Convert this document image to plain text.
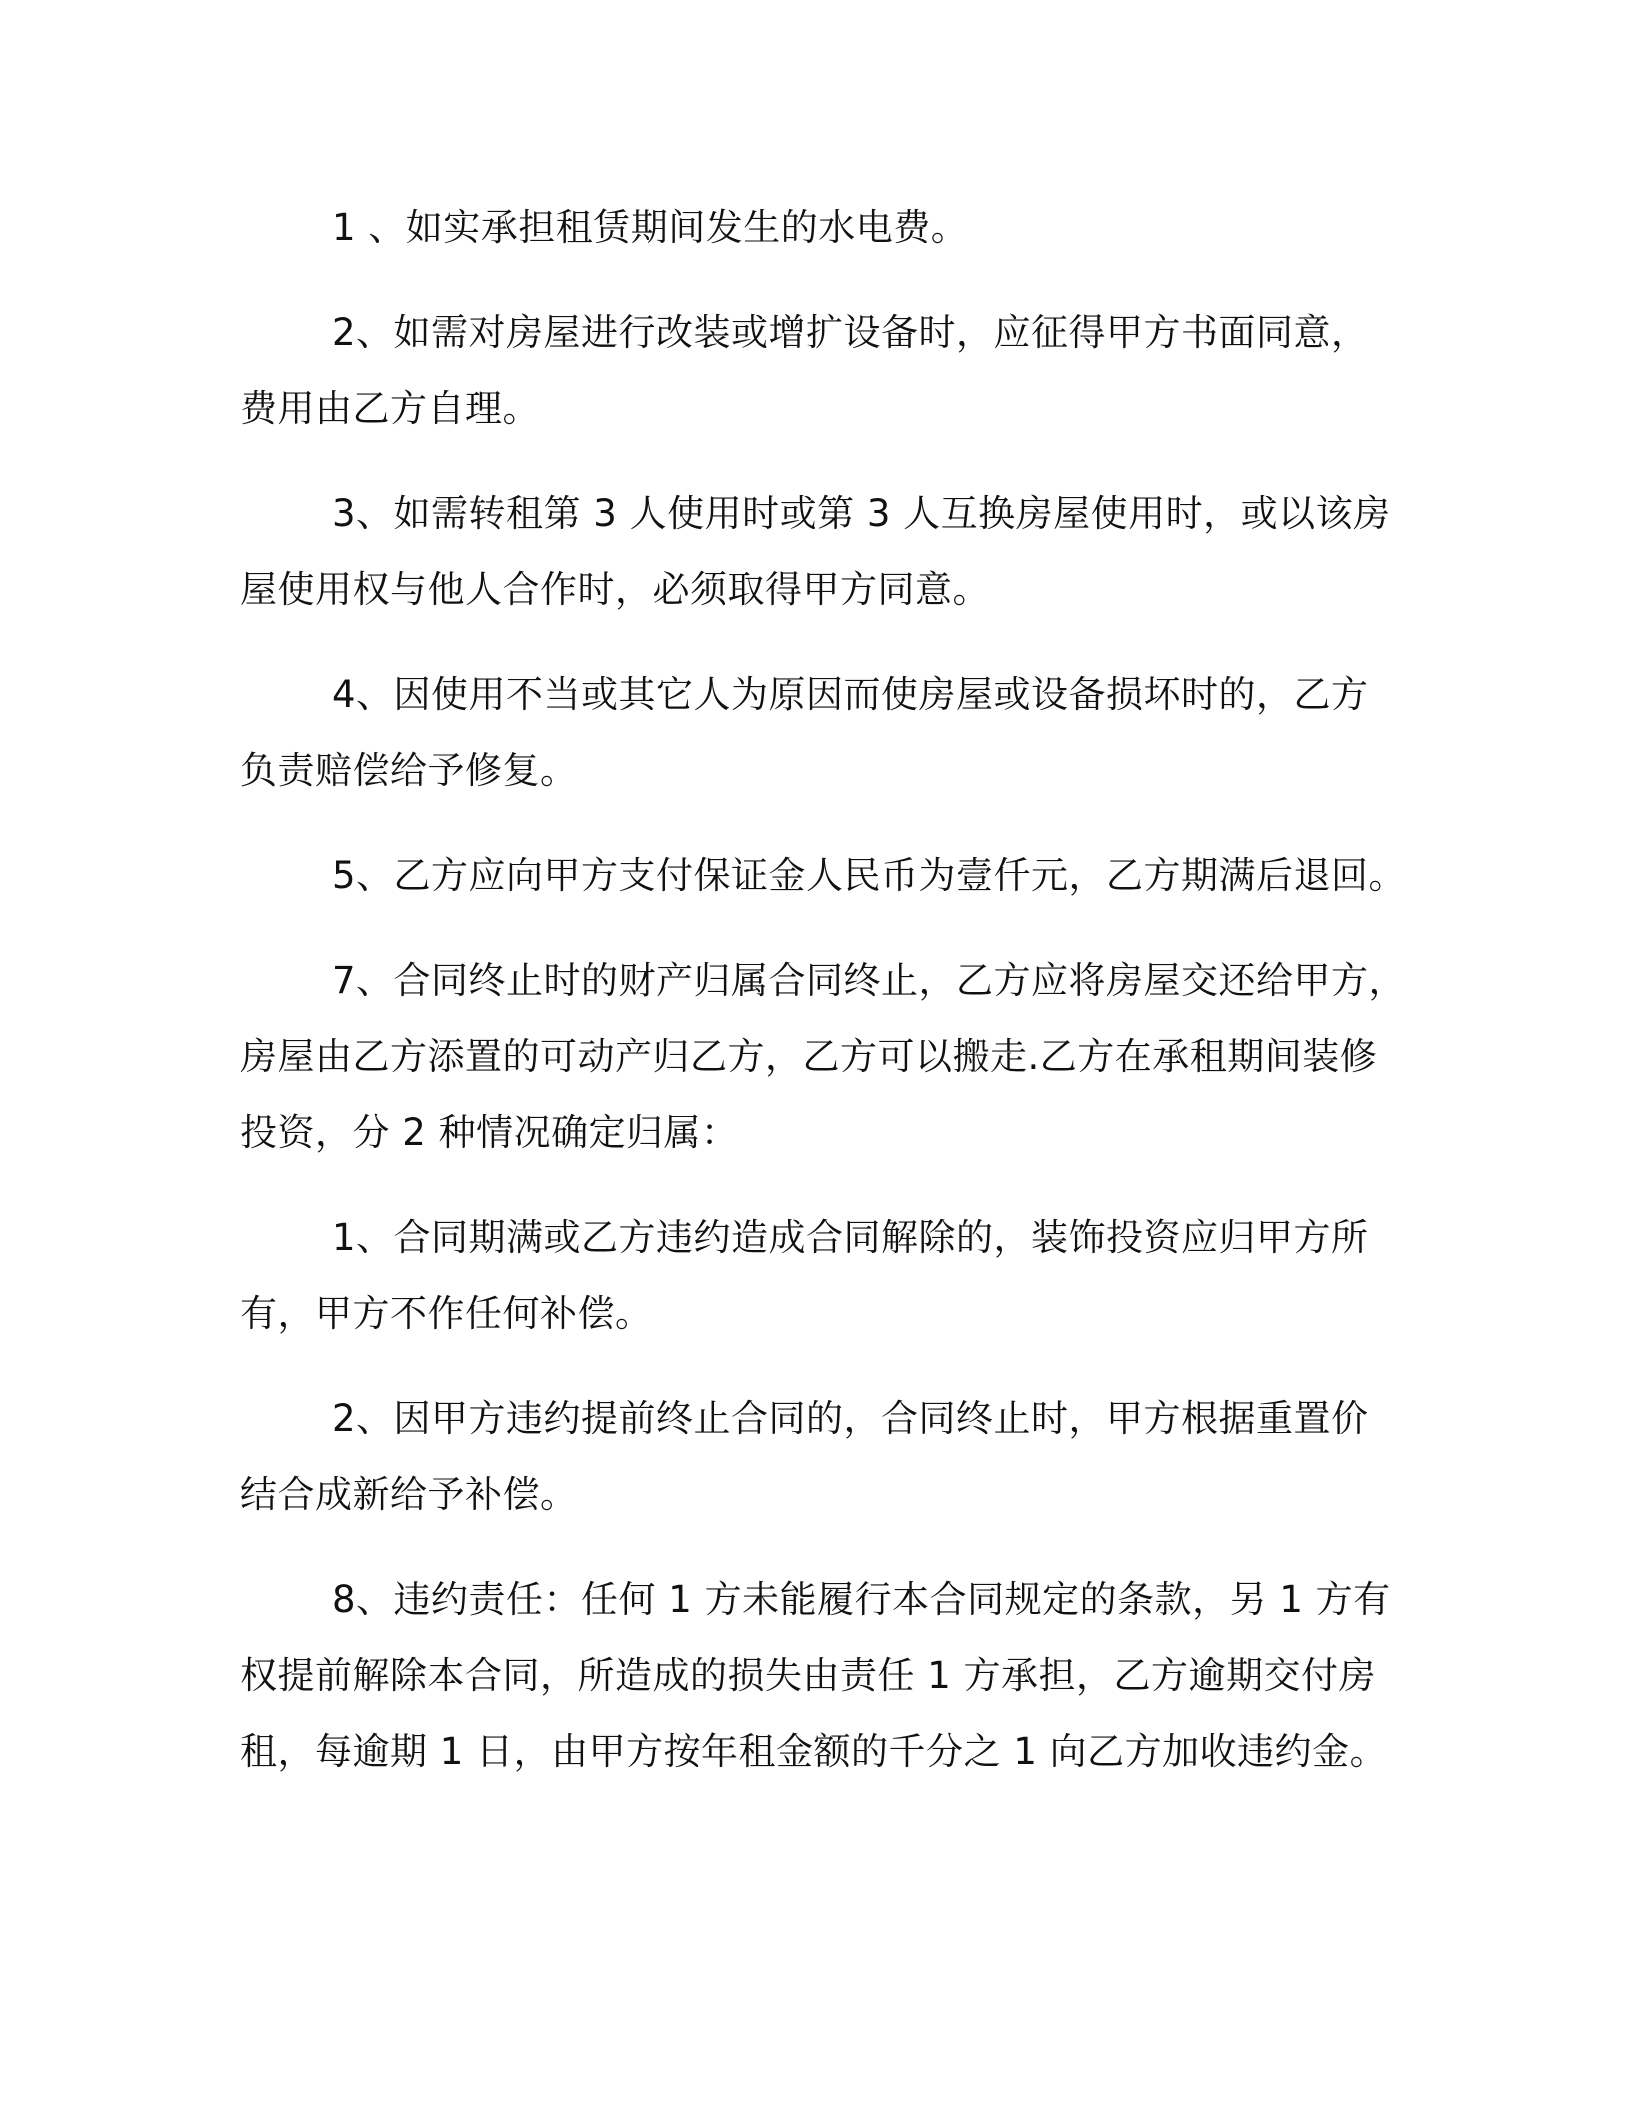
1 、如实承担租赁期间发生的水电费。

2、如需对房屋进行改装或增扩设备时，应征得甲方书面同意，
费用由乙方自理。

3、如需转租第 3 人使用时或第 3 人互换房屋使用时，或以该房
屋使用权与他人合作时，必须取得甲方同意。

4、因使用不当或其它人为原因而使房屋或设备损坏时的，乙方
负责赔偿给予修复。

5、乙方应向甲方支付保证金人民币为壹仟元，乙方期满后退回。

7、合同终止时的财产归属合同终止，乙方应将房屋交还给甲方，
房屋由乙方添置的可动产归乙方，乙方可以搬走.乙方在承租期间装修
投资，分 2 种情况确定归属：

1、合同期满或乙方违约造成合同解除的，装饰投资应归甲方所
有，甲方不作任何补偿。

2、因甲方违约提前终止合同的，合同终止时，甲方根据重置价
结合成新给予补偿。

8、违约责任：任何 1 方未能履行本合同规定的条款，另 1 方有
权提前解除本合同，所造成的损失由责任 1 方承担，乙方逾期交付房
租，每逾期 1 日，由甲方按年租金额的千分之 1 向乙方加收违约金。
